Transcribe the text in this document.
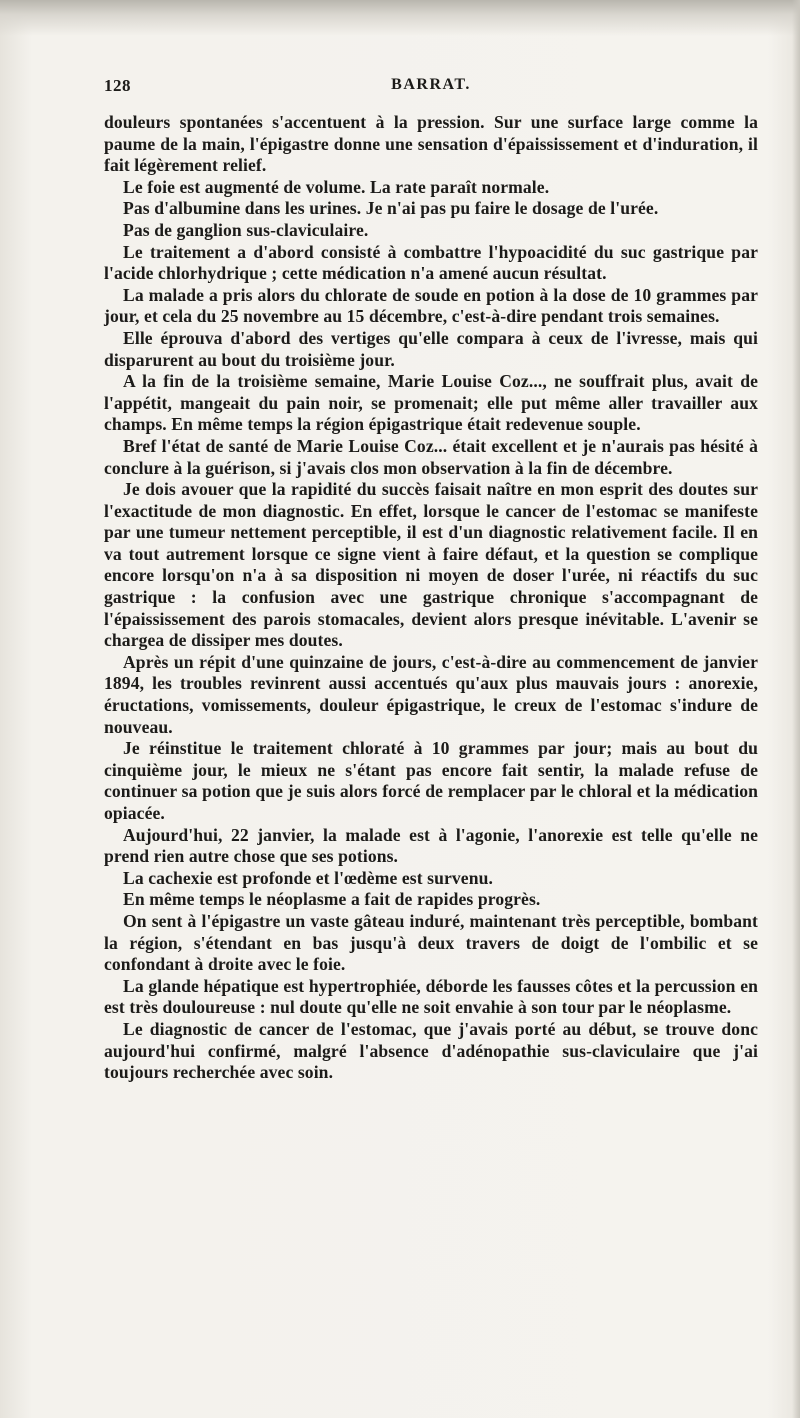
128	BARRAT.

douleurs spontanées s'accentuent à la pression. Sur une surface large comme la paume de la main, l'épigastre donne une sensation d'épaississement et d'induration, il fait légèrement relief.

Le foie est augmenté de volume. La rate paraît normale.

Pas d'albumine dans les urines. Je n'ai pas pu faire le dosage de l'urée.

Pas de ganglion sus-claviculaire.

Le traitement a d'abord consisté à combattre l'hypoacidité du suc gastrique par l'acide chlorhydrique ; cette médication n'a amené aucun résultat.

La malade a pris alors du chlorate de soude en potion à la dose de 10 grammes par jour, et cela du 25 novembre au 15 décembre, c'est-à-dire pendant trois semaines.

Elle éprouva d'abord des vertiges qu'elle compara à ceux de l'ivresse, mais qui disparurent au bout du troisième jour.

A la fin de la troisième semaine, Marie Louise Coz..., ne souffrait plus, avait de l'appétit, mangeait du pain noir, se promenait; elle put même aller travailler aux champs. En même temps la région épigastrique était redevenue souple.

Bref l'état de santé de Marie Louise Coz... était excellent et je n'aurais pas hésité à conclure à la guérison, si j'avais clos mon observation à la fin de décembre.

Je dois avouer que la rapidité du succès faisait naître en mon esprit des doutes sur l'exactitude de mon diagnostic. En effet, lorsque le cancer de l'estomac se manifeste par une tumeur nettement perceptible, il est d'un diagnostic relativement facile. Il en va tout autrement lorsque ce signe vient à faire défaut, et la question se complique encore lorsqu'on n'a à sa disposition ni moyen de doser l'urée, ni réactifs du suc gastrique : la confusion avec une gastrique chronique s'accompagnant de l'épaississement des parois stomacales, devient alors presque inévitable. L'avenir se chargea de dissiper mes doutes.

Après un répit d'une quinzaine de jours, c'est-à-dire au commencement de janvier 1894, les troubles revinrent aussi accentués qu'aux plus mauvais jours : anorexie, éructations, vomissements, douleur épigastrique, le creux de l'estomac s'indure de nouveau.

Je réinstitue le traitement chloraté à 10 grammes par jour; mais au bout du cinquième jour, le mieux ne s'étant pas encore fait sentir, la malade refuse de continuer sa potion que je suis alors forcé de remplacer par le chloral et la médication opiacée.

Aujourd'hui, 22 janvier, la malade est à l'agonie, l'anorexie est telle qu'elle ne prend rien autre chose que ses potions.

La cachexie est profonde et l'œdème est survenu.

En même temps le néoplasme a fait de rapides progrès.

On sent à l'épigastre un vaste gâteau induré, maintenant très perceptible, bombant la région, s'étendant en bas jusqu'à deux travers de doigt de l'ombilic et se confondant à droite avec le foie.

La glande hépatique est hypertrophiée, déborde les fausses côtes et la percussion en est très douloureuse : nul doute qu'elle ne soit envahie à son tour par le néoplasme.

Le diagnostic de cancer de l'estomac, que j'avais porté au début, se trouve donc aujourd'hui confirmé, malgré l'absence d'adénopathie sus-claviculaire que j'ai toujours recherchée avec soin.
